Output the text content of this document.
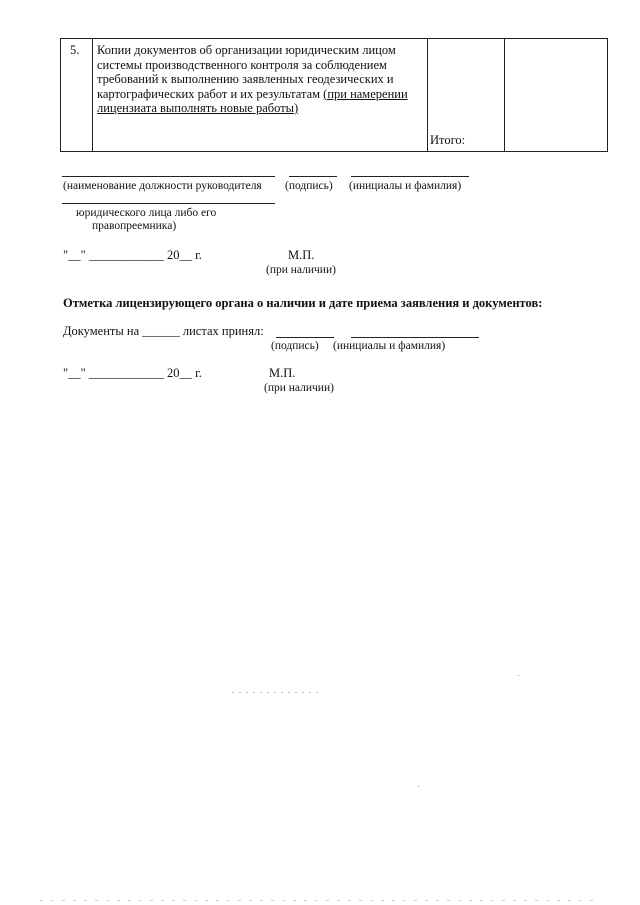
5. Копии документов об организации юридическим лицом системы производственного контроля за соблюдением требований к выполнению заявленных геодезических и картографических работ и их результатам (при намерении лицензиата выполнять новые работы)
Итого:
(наименование должности руководителя (подпись) (инициалы и фамилия)
юридического лица либо его
правопреемника)
"__" ____________ 20__ г.	М.П.
(при наличии)
Отметка лицензирующего органа о наличии и дате приема заявления и документов:
Документы на ______ листах принял:
(подпись) (инициалы и фамилия)
"__" ____________ 20__ г.	М.П.
(при наличии)
